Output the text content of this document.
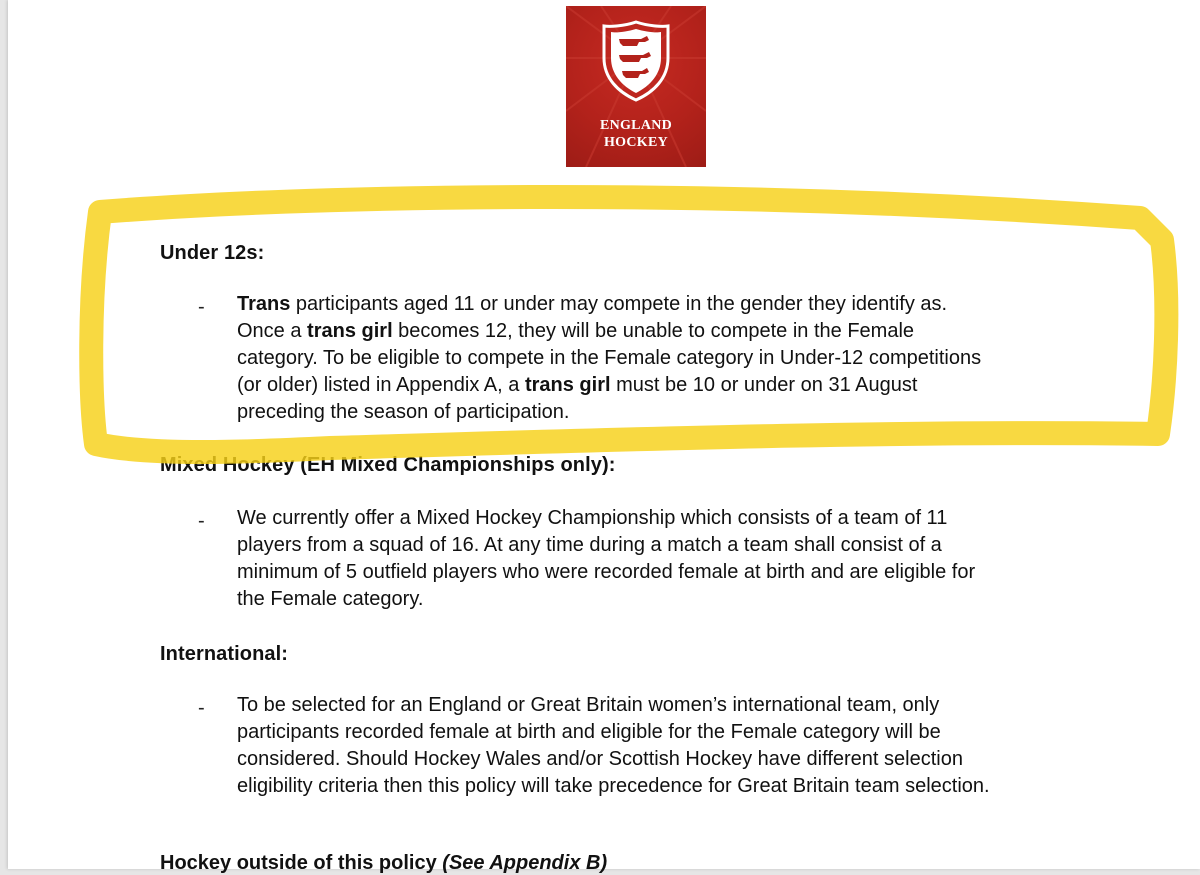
ENGLAND
HOCKEY
Under 12s:
- Trans participants aged 11 or under may compete in the gender they identify as.
Once a trans girl becomes 12, they will be unable to compete in the Female
category. To be eligible to compete in the Female category in Under-12 competitions
(or older) listed in Appendix A, a trans girl must be 10 or under on 31 August
preceding the season of participation.
Mixed Hockey (EH Mixed Championships only):
- We currently offer a Mixed Hockey Championship which consists of a team of 11
players from a squad of 16. At any time during a match a team shall consist of a
minimum of 5 outfield players who were recorded female at birth and are eligible for
the Female category.
International:
- To be selected for an England or Great Britain women’s international team, only
participants recorded female at birth and eligible for the Female category will be
considered. Should Hockey Wales and/or Scottish Hockey have different selection
eligibility criteria then this policy will take precedence for Great Britain team selection.
Hockey outside of this policy (See Appendix B)
